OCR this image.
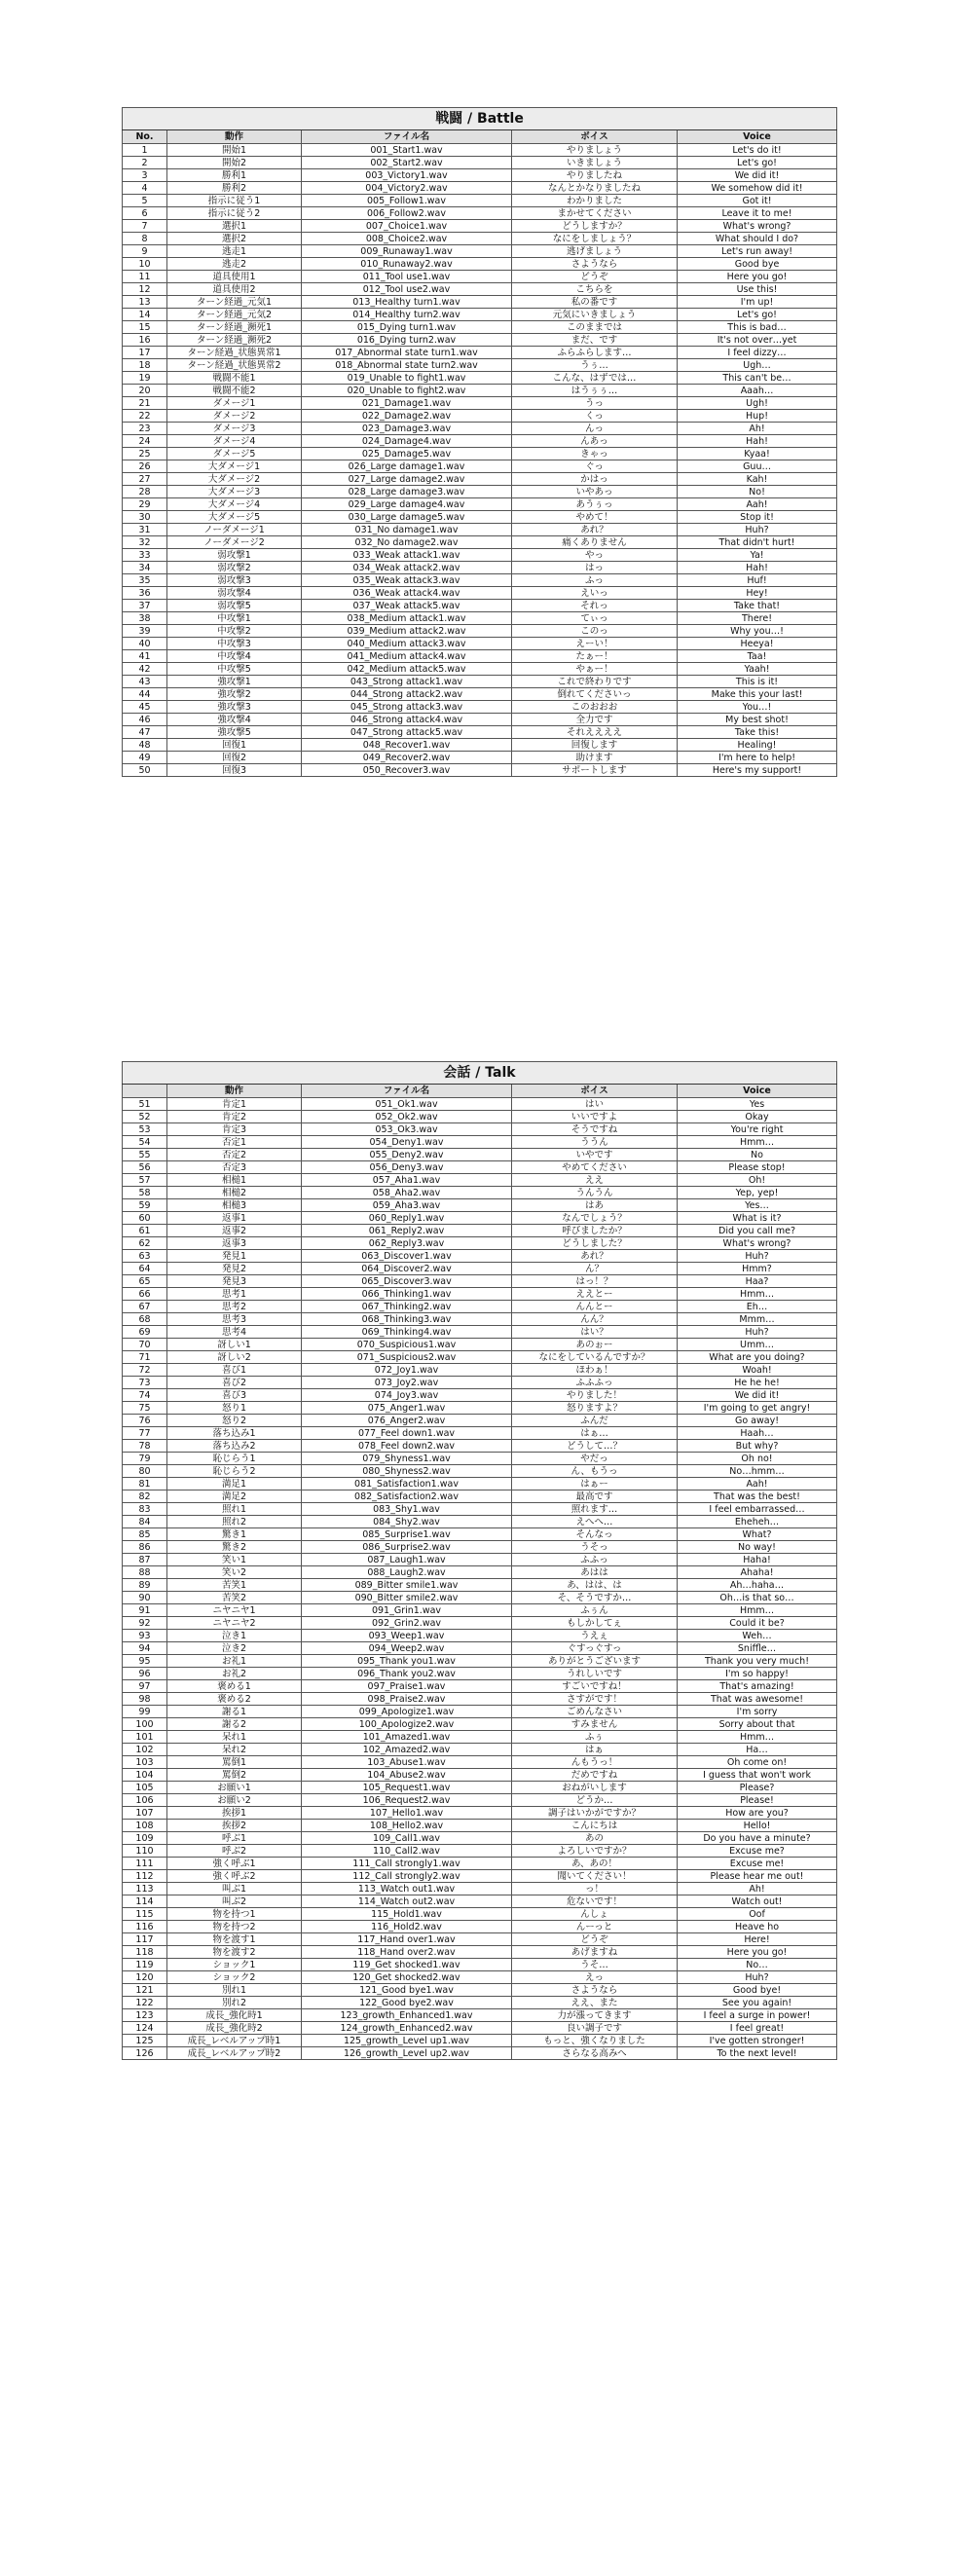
戦闘 / Battle				
No.	動作	ファイル名	ボイス	Voice
1	開始1	001_Start1.wav	やりましょう	Let's do it!
2	開始2	002_Start2.wav	いきましょう	Let's go!
3	勝利1	003_Victory1.wav	やりましたね	We did it!
4	勝利2	004_Victory2.wav	なんとかなりましたね	We somehow did it!
5	指示に従う1	005_Follow1.wav	わかりました	Got it!
6	指示に従う2	006_Follow2.wav	まかせてください	Leave it to me!
7	選択1	007_Choice1.wav	どうしますか？	What's wrong?
8	選択2	008_Choice2.wav	なにをしましょう？	What should I do?
9	逃走1	009_Runaway1.wav	逃げましょう	Let's run away!
10	逃走2	010_Runaway2.wav	さようなら	Good bye
11	道具使用1	011_Tool use1.wav	どうぞ	Here you go!
12	道具使用2	012_Tool use2.wav	こちらを	Use this!
13	ターン経過_元気1	013_Healthy turn1.wav	私の番です	I'm up!
14	ターン経過_元気2	014_Healthy turn2.wav	元気にいきましょう	Let's go!
15	ターン経過_瀕死1	015_Dying turn1.wav	このままでは	This is bad…
16	ターン経過_瀕死2	016_Dying turn2.wav	まだ、です	It's not over…yet
17	ターン経過_状態異常1	017_Abnormal state turn1.wav	ふらふらします…	I feel dizzy…
18	ターン経過_状態異常2	018_Abnormal state turn2.wav	うぅ…	Ugh…
19	戦闘不能1	019_Unable to fight1.wav	こんな、はずでは…	This can't be…
20	戦闘不能2	020_Unable to fight2.wav	はうぅぅ…	Aaah…
21	ダメージ1	021_Damage1.wav	うっ	Ugh!
22	ダメージ2	022_Damage2.wav	くっ	Hup!
23	ダメージ3	023_Damage3.wav	んっ	Ah!
24	ダメージ4	024_Damage4.wav	んあっ	Hah!
25	ダメージ5	025_Damage5.wav	きゃっ	Kyaa!
26	大ダメージ1	026_Large damage1.wav	ぐっ	Guu…
27	大ダメージ2	027_Large damage2.wav	かはっ	Kah!
28	大ダメージ3	028_Large damage3.wav	いやあっ	No!
29	大ダメージ4	029_Large damage4.wav	あうぅっ	Aah!
30	大ダメージ5	030_Large damage5.wav	やめて！	Stop it!
31	ノーダメージ1	031_No damage1.wav	あれ？	Huh?
32	ノーダメージ2	032_No damage2.wav	痛くありません	That didn't hurt!
33	弱攻撃1	033_Weak attack1.wav	やっ	Ya!
34	弱攻撃2	034_Weak attack2.wav	はっ	Hah!
35	弱攻撃3	035_Weak attack3.wav	ふっ	Huf!
36	弱攻撃4	036_Weak attack4.wav	えいっ	Hey!
37	弱攻撃5	037_Weak attack5.wav	それっ	Take that!
38	中攻撃1	038_Medium attack1.wav	てぃっ	There!
39	中攻撃2	039_Medium attack2.wav	このっ	Why you…!
40	中攻撃3	040_Medium attack3.wav	えーい！	Heeya!
41	中攻撃4	041_Medium attack4.wav	たぁー！	Taa!
42	中攻撃5	042_Medium attack5.wav	やぁー！	Yaah!
43	強攻撃1	043_Strong attack1.wav	これで終わりです	This is it!
44	強攻撃2	044_Strong attack2.wav	倒れてくださいっ	Make this your last!
45	強攻撃3	045_Strong attack3.wav	このおおお	You…!
46	強攻撃4	046_Strong attack4.wav	全力です	My best shot!
47	強攻撃5	047_Strong attack5.wav	それええええ	Take this!
48	回復1	048_Recover1.wav	回復します	Healing!
49	回復2	049_Recover2.wav	助けます	I'm here to help!
50	回復3	050_Recover3.wav	サポートします	Here's my support!
会話 / Talk				
	動作	ファイル名	ボイス	Voice
51	肯定1	051_Ok1.wav	はい	Yes
52	肯定2	052_Ok2.wav	いいですよ	Okay
53	肯定3	053_Ok3.wav	そうですね	You're right
54	否定1	054_Deny1.wav	ううん	Hmm…
55	否定2	055_Deny2.wav	いやです	No
56	否定3	056_Deny3.wav	やめてください	Please stop!
57	相槌1	057_Aha1.wav	ええ	Oh!
58	相槌2	058_Aha2.wav	うんうん	Yep, yep!
59	相槌3	059_Aha3.wav	はあ	Yes…
60	返事1	060_Reply1.wav	なんでしょう？	What is it?
61	返事2	061_Reply2.wav	呼びましたか？	Did you call me?
62	返事3	062_Reply3.wav	どうしました？	What's wrong?
63	発見1	063_Discover1.wav	あれ？	Huh?
64	発見2	064_Discover2.wav	ん？	Hmm?
65	発見3	065_Discover3.wav	はっ！？	Haa?
66	思考1	066_Thinking1.wav	ええとー	Hmm…
67	思考2	067_Thinking2.wav	んんとー	Eh…
68	思考3	068_Thinking3.wav	んん？	Mmm…
69	思考4	069_Thinking4.wav	はい？	Huh?
70	訝しい1	070_Suspicious1.wav	あのぉー	Umm…
71	訝しい2	071_Suspicious2.wav	なにをしているんですか？	What are you doing?
72	喜び1	072_Joy1.wav	ほわぁ！	Woah!
73	喜び2	073_Joy2.wav	ふふふっ	He he he!
74	喜び3	074_Joy3.wav	やりました！	We did it!
75	怒り1	075_Anger1.wav	怒りますよ？	I'm going to get angry!
76	怒り2	076_Anger2.wav	ふんだ	Go away!
77	落ち込み1	077_Feel down1.wav	はぁ…	Haah…
78	落ち込み2	078_Feel down2.wav	どうして…？	But why?
79	恥じらう1	079_Shyness1.wav	やだっ	Oh no!
80	恥じらう2	080_Shyness2.wav	ん、もうっ	No…hmm…
81	満足1	081_Satisfaction1.wav	はぁー	Aah!
82	満足2	082_Satisfaction2.wav	最高です	That was the best!
83	照れ1	083_Shy1.wav	照れます…	I feel embarrassed…
84	照れ2	084_Shy2.wav	えへへ…	Eheheh…
85	驚き1	085_Surprise1.wav	そんなっ	What?
86	驚き2	086_Surprise2.wav	うそっ	No way!
87	笑い1	087_Laugh1.wav	ふふっ	Haha!
88	笑い2	088_Laugh2.wav	あはは	Ahaha!
89	苦笑1	089_Bitter smile1.wav	あ、はは、は	Ah…haha…
90	苦笑2	090_Bitter smile2.wav	そ、そうですか…	Oh…is that so…
91	ニヤニヤ1	091_Grin1.wav	ふぅん	Hmm…
92	ニヤニヤ2	092_Grin2.wav	もしかしてぇ	Could it be?
93	泣き1	093_Weep1.wav	うえぇ	Weh…
94	泣き2	094_Weep2.wav	ぐすっぐすっ	Sniffle…
95	お礼1	095_Thank you1.wav	ありがとうございます	Thank you very much!
96	お礼2	096_Thank you2.wav	うれしいです	I'm so happy!
97	褒める1	097_Praise1.wav	すごいですね！	That's amazing!
98	褒める2	098_Praise2.wav	さすがです！	That was awesome!
99	謝る1	099_Apologize1.wav	ごめんなさい	I'm sorry
100	謝る2	100_Apologize2.wav	すみません	Sorry about that
101	呆れ1	101_Amazed1.wav	ふぅ	Hmm…
102	呆れ2	102_Amazed2.wav	はぁ	Ha…
103	罵倒1	103_Abuse1.wav	んもうっ！	Oh come on!
104	罵倒2	104_Abuse2.wav	だめですね	I guess that won't work
105	お願い1	105_Request1.wav	おねがいします	Please?
106	お願い2	106_Request2.wav	どうか…	Please!
107	挨拶1	107_Hello1.wav	調子はいかがですか？	How are you?
108	挨拶2	108_Hello2.wav	こんにちは	Hello!
109	呼ぶ1	109_Call1.wav	あの	Do you have a minute?
110	呼ぶ2	110_Call2.wav	よろしいですか？	Excuse me?
111	強く呼ぶ1	111_Call strongly1.wav	あ、あの！	Excuse me!
112	強く呼ぶ2	112_Call strongly2.wav	聞いてください！	Please hear me out!
113	叫ぶ1	113_Watch out1.wav	っ！	Ah!
114	叫ぶ2	114_Watch out2.wav	危ないです！	Watch out!
115	物を持つ1	115_Hold1.wav	んしょ	Oof
116	物を持つ2	116_Hold2.wav	んーっと	Heave ho
117	物を渡す1	117_Hand over1.wav	どうぞ	Here!
118	物を渡す2	118_Hand over2.wav	あげますね	Here you go!
119	ショック1	119_Get shocked1.wav	うそ…	No…
120	ショック2	120_Get shocked2.wav	えっ	Huh?
121	別れ1	121_Good bye1.wav	さようなら	Good bye!
122	別れ2	122_Good bye2.wav	ええ、また	See you again!
123	成長_強化時1	123_growth_Enhanced1.wav	力が漲ってきます	I feel a surge in power!
124	成長_強化時2	124_growth_Enhanced2.wav	良い調子です	I feel great!
125	成長_レベルアップ時1	125_growth_Level up1.wav	もっと、強くなりました	I've gotten stronger!
126	成長_レベルアップ時2	126_growth_Level up2.wav	さらなる高みへ	To the next level!
